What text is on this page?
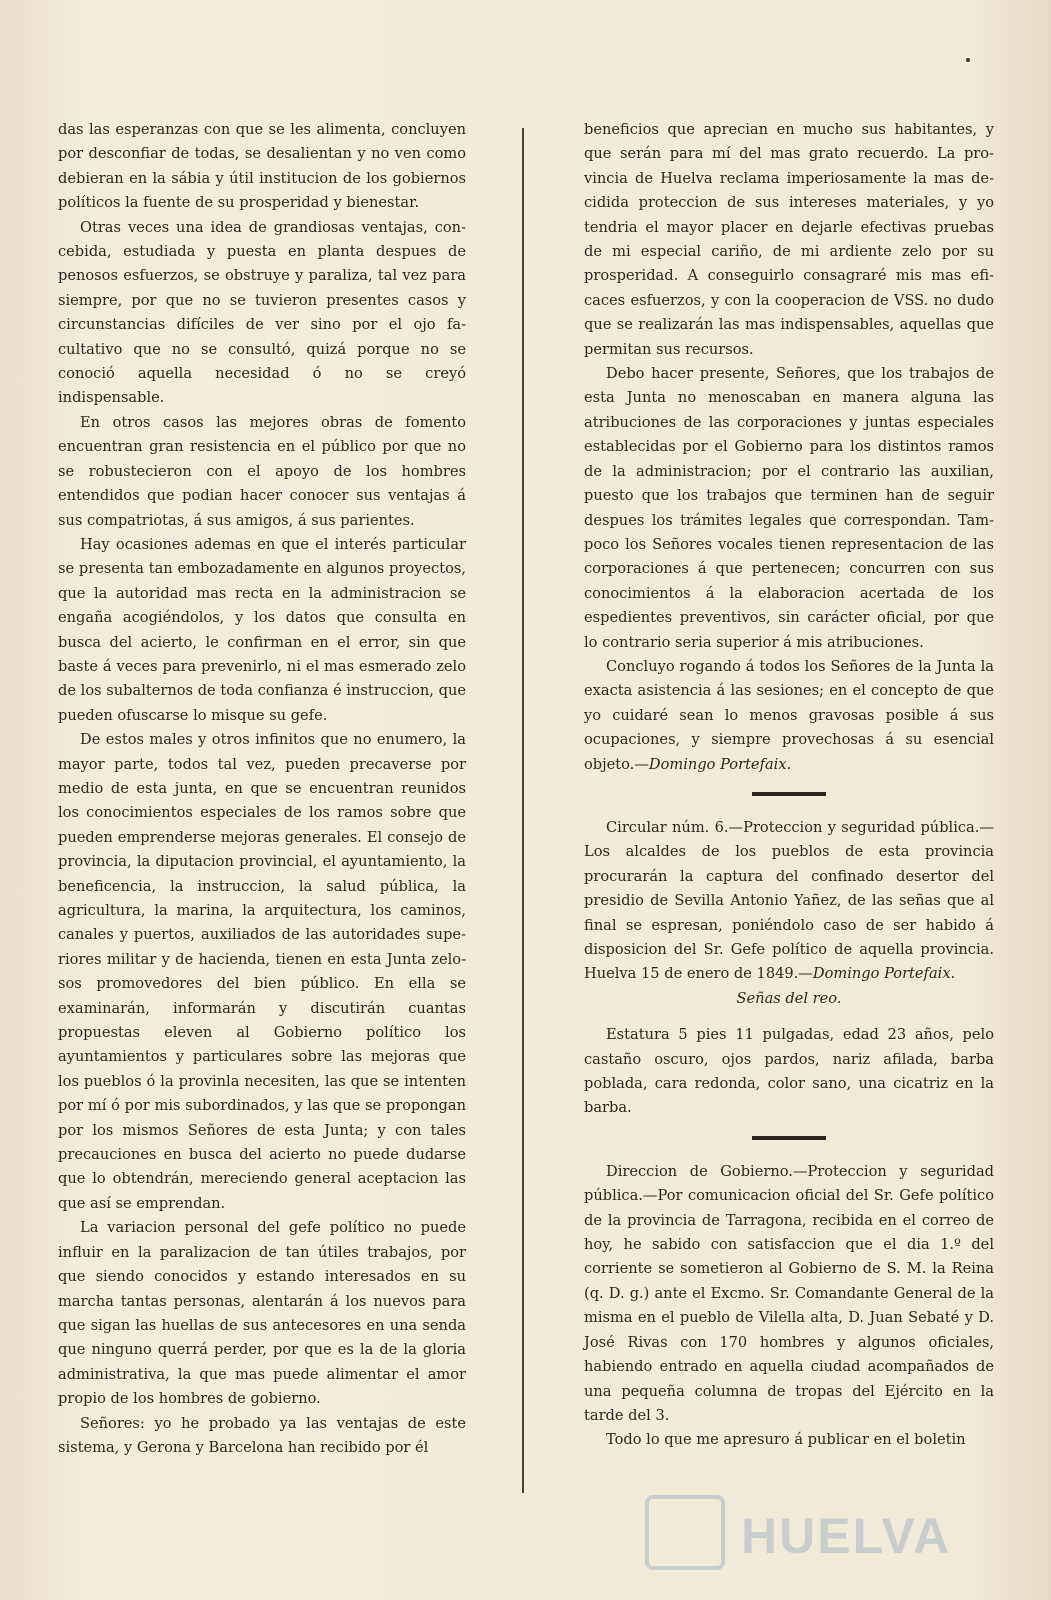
das las esperanzas con que se les alimenta, concluyen por desconfiar de todas, se desalientan y no ven como debieran en la sábia y útil institucion de los gobiernos políticos la fuente de su prosperidad y bienestar.

Otras veces una idea de grandiosas ventajas, concebida, estudiada y puesta en planta despues de penosos esfuerzos, se obstruye y paraliza, tal vez para siempre, por que no se tuvieron presentes casos y circunstancias difíciles de ver sino por el ojo facultativo que no se consultó, quizá porque no se conoció aquella necesidad ó no se creyó indispensable.

En otros casos las mejores obras de fomento encuentran gran resistencia en el público por que no se robustecieron con el apoyo de los hombres entendidos que podian hacer conocer sus ventajas á sus compatriotas, á sus amigos, á sus parientes.

Hay ocasiones ademas en que el interés particular se presenta tan embozadamente en algunos proyectos, que la autoridad mas recta en la administracion se engaña acogiéndolos, y los datos que consulta en busca del acierto, le confirman en el error, sin que baste á veces para prevenirlo, ni el mas esmerado zelo de los subalternos de toda confianza é instruccion, que pueden ofuscarse lo misque su gefe.

De estos males y otros infinitos que no enumero, la mayor parte, todos tal vez, pueden precaverse por medio de esta junta, en que se encuentran reunidos los conocimientos especiales de los ramos sobre que pueden emprenderse mejoras generales. El consejo de provincia, la diputacion provincial, el ayuntamiento, la beneficencia, la instruccion, la salud pública, la agricultura, la marina, la arquitectura, los caminos, canales y puertos, auxiliados de las autoridades superiores militar y de hacienda, tienen en esta Junta zelosos promovedores del bien público. En ella se examinarán, informarán y discutirán cuantas propuestas eleven al Gobierno político los ayuntamientos y particulares sobre las mejoras que los pueblos ó la provinla necesiten, las que se intenten por mí ó por mis subordinados, y las que se propongan por los mismos Señores de esta Junta; y con tales precauciones en busca del acierto no puede dudarse que lo obtendrán, mereciendo general aceptacion las que así se emprendan.

La variacion personal del gefe político no puede influir en la paralizacion de tan útiles trabajos, por que siendo conocidos y estando interesados en su marcha tantas personas, alentarán á los nuevos para que sigan las huellas de sus antecesores en una senda que ninguno querrá perder, por que es la de la gloria administrativa, la que mas puede alimentar el amor propio de los hombres de gobierno.

Señores: yo he probado ya las ventajas de este sistema, y Gerona y Barcelona han recibido por él

beneficios que aprecian en mucho sus habitantes, y que serán para mí del mas grato recuerdo. La provincia de Huelva reclama imperiosamente la mas decidida proteccion de sus intereses materiales, y yo tendria el mayor placer en dejarle efectivas pruebas de mi especial cariño, de mi ardiente zelo por su prosperidad. A conseguirlo consagraré mis mas eficaces esfuerzos, y con la cooperacion de VSS. no dudo que se realizarán las mas indispensables, aquellas que permitan sus recursos.

Debo hacer presente, Señores, que los trabajos de esta Junta no menoscaban en manera alguna las atribuciones de las corporaciones y juntas especiales establecidas por el Gobierno para los distintos ramos de la administracion; por el contrario las auxilian, puesto que los trabajos que terminen han de seguir despues los trámites legales que correspondan. Tampoco los Señores vocales tienen representacion de las corporaciones á que pertenecen; concurren con sus conocimientos á la elaboracion acertada de los espedientes preventivos, sin carácter oficial, por que lo contrario seria superior á mis atribuciones.

Concluyo rogando á todos los Señores de la Junta la exacta asistencia á las sesiones; en el concepto de que yo cuidaré sean lo menos gravosas posible á sus ocupaciones, y siempre provechosas á su esencial objeto.—Domingo Portefaix.

Circular núm. 6.—Proteccion y seguridad pública.—Los alcaldes de los pueblos de esta provincia procurarán la captura del confinado desertor del presidio de Sevilla Antonio Yañez, de las señas que al final se espresan, poniéndolo caso de ser habido á disposicion del Sr. Gefe político de aquella provincia. Huelva 15 de enero de 1849.—Domingo Portefaix.

Señas del reo.

Estatura 5 pies 11 pulgadas, edad 23 años, pelo castaño oscuro, ojos pardos, nariz afilada, barba poblada, cara redonda, color sano, una cicatriz en la barba.

Direccion de Gobierno.—Proteccion y seguridad pública.—Por comunicacion oficial del Sr. Gefe político de la provincia de Tarragona, recibida en el correo de hoy, he sabido con satisfaccion que el dia 1.º del corriente se sometieron al Gobierno de S. M. la Reina (q. D. g.) ante el Excmo. Sr. Comandante General de la misma en el pueblo de Vilella alta, D. Juan Sebaté y D. José Rivas con 170 hombres y algunos oficiales, habiendo entrado en aquella ciudad acompañados de una pequeña columna de tropas del Ejército en la tarde del 3.

Todo lo que me apresuro á publicar en el boletin

HUELVA
